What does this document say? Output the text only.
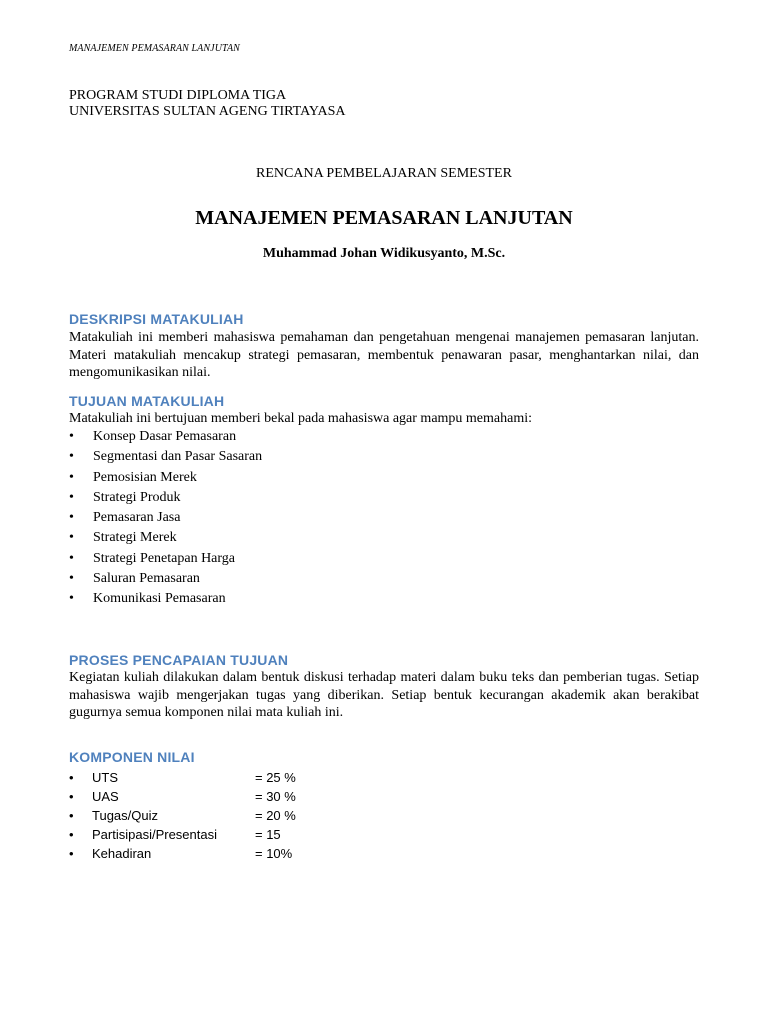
MANAJEMEN PEMASARAN LANJUTAN
PROGRAM STUDI DIPLOMA TIGA
UNIVERSITAS SULTAN AGENG TIRTAYASA
RENCANA PEMBELAJARAN SEMESTER
MANAJEMEN PEMASARAN LANJUTAN
Muhammad Johan Widikusyanto, M.Sc.
DESKRIPSI MATAKULIAH
Matakuliah ini memberi mahasiswa pemahaman dan pengetahuan mengenai manajemen pemasaran lanjutan. Materi matakuliah mencakup strategi pemasaran, membentuk penawaran pasar, menghantarkan nilai, dan mengomunikasikan nilai.
TUJUAN MATAKULIAH
Matakuliah ini bertujuan memberi bekal pada mahasiswa agar mampu memahami:
•	Konsep Dasar Pemasaran
•	Segmentasi dan Pasar Sasaran
•	Pemosisian Merek
•	Strategi Produk
•	Pemasaran Jasa
•	Strategi Merek
•	Strategi Penetapan Harga
•	Saluran Pemasaran
•	Komunikasi Pemasaran
PROSES PENCAPAIAN TUJUAN
Kegiatan kuliah dilakukan dalam bentuk diskusi terhadap materi dalam buku teks dan pemberian tugas. Setiap mahasiswa wajib mengerjakan tugas yang diberikan. Setiap bentuk kecurangan akademik akan berakibat gugurnya semua komponen nilai mata kuliah ini.
KOMPONEN NILAI
•	UTS	= 25 %
•	UAS	= 30 %
•	Tugas/Quiz	= 20 %
•	Partisipasi/Presentasi	= 15
•	Kehadiran	= 10%
